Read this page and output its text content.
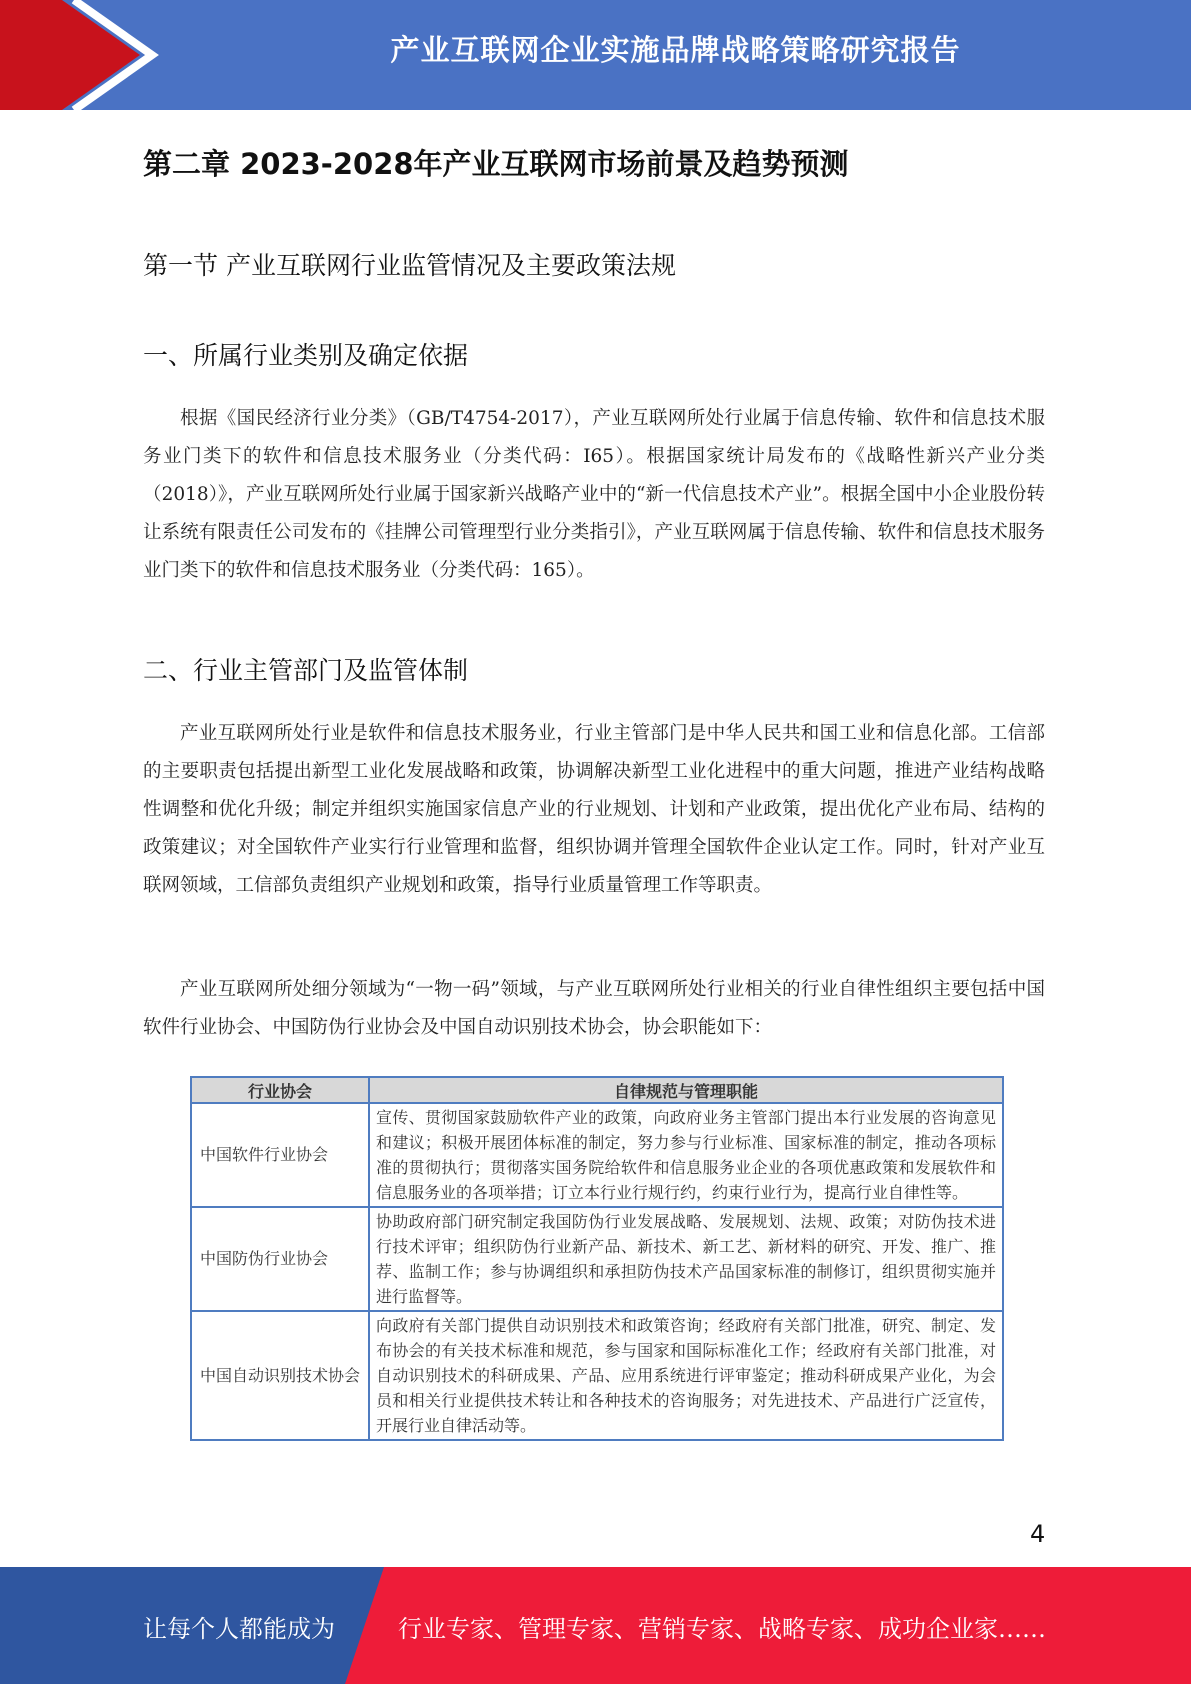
产业互联网企业实施品牌战略策略研究报告
第二章 2023-2028年产业互联网市场前景及趋势预测
第一节 产业互联网行业监管情况及主要政策法规
一、所属行业类别及确定依据
根据《国民经济行业分类》（GB/T4754-2017），产业互联网所处行业属于信息传输、软件和信息技术服务业门类下的软件和信息技术服务业（分类代码：I65）。根据国家统计局发布的《战略性新兴产业分类（2018）》，产业互联网所处行业属于国家新兴战略产业中的“新一代信息技术产业”。根据全国中小企业股份转让系统有限责任公司发布的《挂牌公司管理型行业分类指引》，产业互联网属于信息传输、软件和信息技术服务业门类下的软件和信息技术服务业（分类代码：165）。
二、行业主管部门及监管体制
产业互联网所处行业是软件和信息技术服务业，行业主管部门是中华人民共和国工业和信息化部。工信部的主要职责包括提出新型工业化发展战略和政策，协调解决新型工业化进程中的重大问题，推进产业结构战略性调整和优化升级；制定并组织实施国家信息产业的行业规划、计划和产业政策，提出优化产业布局、结构的政策建议；对全国软件产业实行行业管理和监督，组织协调并管理全国软件企业认定工作。同时，针对产业互联网领域，工信部负责组织产业规划和政策，指导行业质量管理工作等职责。
产业互联网所处细分领域为“一物一码”领域，与产业互联网所处行业相关的行业自律性组织主要包括中国软件行业协会、中国防伪行业协会及中国自动识别技术协会，协会职能如下：
行业协会	自律规范与管理职能
中国软件行业协会	宣传、贯彻国家鼓励软件产业的政策，向政府业务主管部门提出本行业发展的咨询意见和建议；积极开展团体标准的制定，努力参与行业标准、国家标准的制定，推动各项标准的贯彻执行；贯彻落实国务院给软件和信息服务业企业的各项优惠政策和发展软件和信息服务业的各项举措；订立本行业行规行约，约束行业行为，提高行业自律性等。
中国防伪行业协会	协助政府部门研究制定我国防伪行业发展战略、发展规划、法规、政策；对防伪技术进行技术评审；组织防伪行业新产品、新技术、新工艺、新材料的研究、开发、推广、推荐、监制工作；参与协调组织和承担防伪技术产品国家标准的制修订，组织贯彻实施并进行监督等。
中国自动识别技术协会	向政府有关部门提供自动识别技术和政策咨询；经政府有关部门批准，研究、制定、发布协会的有关技术标准和规范，参与国家和国际标准化工作；经政府有关部门批准，对自动识别技术的科研成果、产品、应用系统进行评审鉴定；推动科研成果产业化，为会员和相关行业提供技术转让和各种技术的咨询服务；对先进技术、产品进行广泛宣传，开展行业自律活动等。
4
让每个人都能成为	行业专家、管理专家、营销专家、战略专家、成功企业家……
